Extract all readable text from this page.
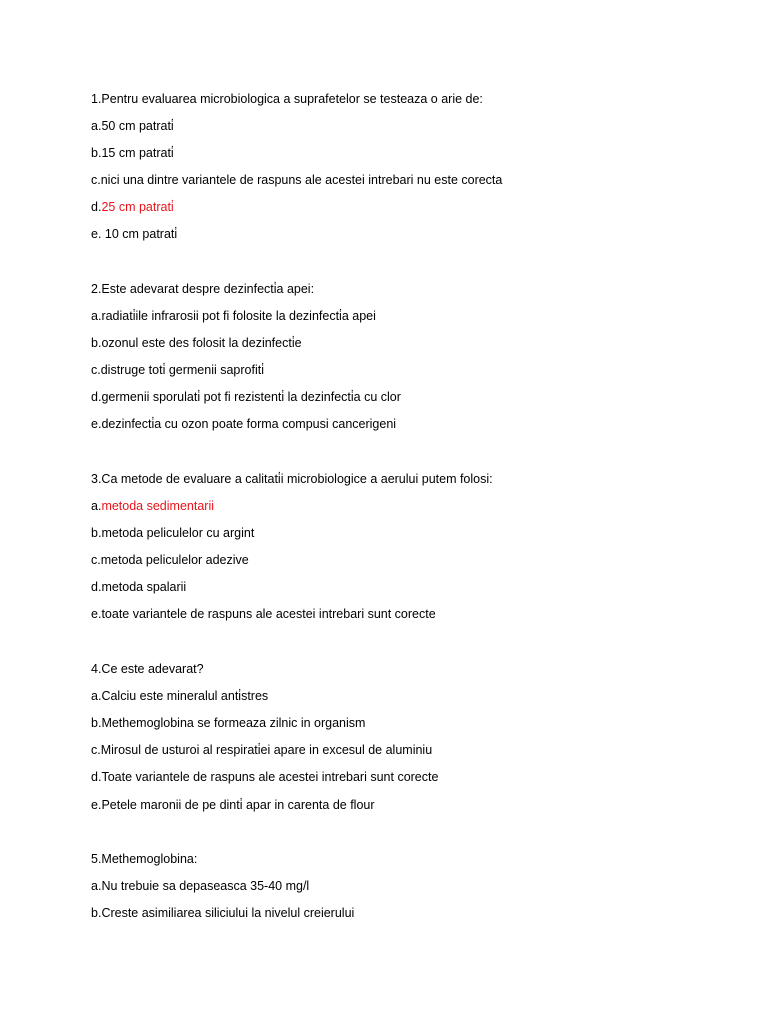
1.Pentru evaluarea microbiologica a suprafetelor se testeaza o arie de:
a.50 cm patrati̇
b.15 cm patrati̇
c.nici una dintre variantele de raspuns ale acestei intrebari nu este corecta
d.25 cm patrati̇
e. 10 cm patrati̇
2.Este adevarat despre dezinfecti̇a apei:
a.radiati̇ile infrarosii pot fi folosite la dezinfecti̇a apei
b.ozonul este des folosit la dezinfecti̇e
c.distruge toti̇ germenii saprofiti̇
d.germenii sporulati̇ pot fi rezistenti̇ la dezinfecti̇a cu clor
e.dezinfecti̇a cu ozon poate forma compusi cancerigeni
3.Ca metode de evaluare a calitati̇i microbiologice a aerului putem folosi:
a.metoda sedimentarii
b.metoda peliculelor cu argint
c.metoda peliculelor adezive
d.metoda spalarii
e.toate variantele de raspuns ale acestei intrebari sunt corecte
4.Ce este adevarat?
a.Calciu este mineralul anti̇stres
b.Methemoglobina se formeaza zilnic in organism
c.Mirosul de usturoi al respirati̇ei apare in excesul de aluminiu
d.Toate variantele de raspuns ale acestei intrebari sunt corecte
e.Petele maronii de pe dinti̇ apar in carenta de flour
5.Methemoglobina:
a.Nu trebuie sa depaseasca 35-40 mg/l
b.Creste asimiliarea siliciului la nivelul creierului
